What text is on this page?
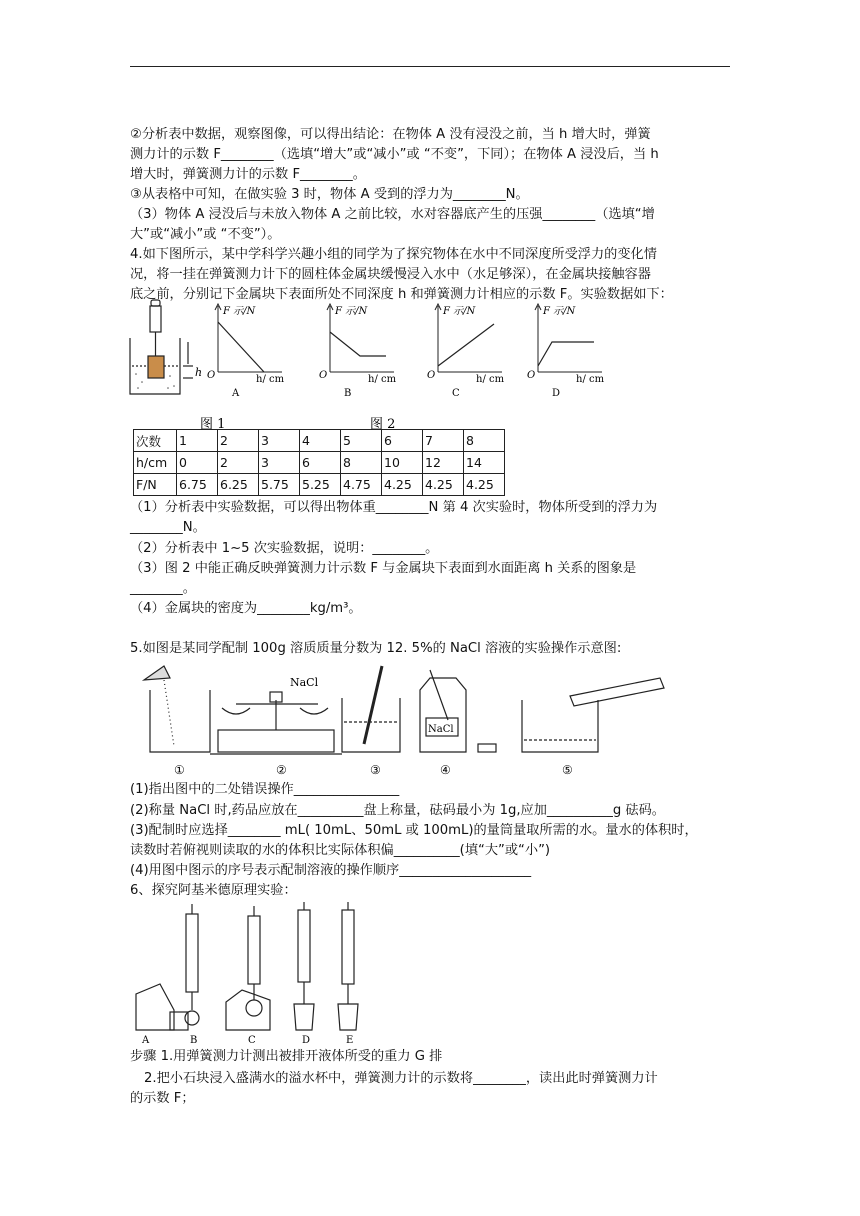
②分析表中数据，观察图像，可以得出结论：在物体 A 没有浸没之前，当 h 增大时，弹簧
测力计的示数 F________（选填“增大”或“减小”或 “不变”，下同）；在物体 A 浸没后，当 h
增大时，弹簧测力计的示数 F________。
③从表格中可知，在做实验 3 时，物体 A 受到的浮力为________N。
（3）物体 A 浸没后与未放入物体 A 之前比较，水对容器底产生的压强________（选填“增
大”或“减小”或 “不变”）。
4.如下图所示，某中学科学兴趣小组的同学为了探究物体在水中不同深度所受浮力的变化情
况，将一挂在弹簧测力计下的圆柱体金属块缓慢浸入水中（水足够深），在金属块接触容器
底之前，分别记下金属块下表面所处不同深度 h 和弹簧测力计相应的示数 F。实验数据如下：
h
图 1	图 2
F 示/N
h/ cm
O
A
F 示/N
h/ cm
O
B
F 示/N
h/ cm
O
C
F 示/N
h/ cm
O
D
次数	1	2	3	4	5	6	7	8
h/cm	0	2	3	6	8	10	12	14
F/N	6.75	6.25	5.75	5.25	4.75	4.25	4.25	4.25
（1）分析表中实验数据，可以得出物体重________N 第 4 次实验时，物体所受到的浮力为
________N。
（2）分析表中 1~5 次实验数据，说明：________。
（3）图 2 中能正确反映弹簧测力计示数 F 与金属块下表面到水面距离 h 关系的图象是
________。
（4）金属块的密度为________kg/m³。
5.如图是某同学配制 100g 溶质质量分数为 12. 5%的 NaCl 溶液的实验操作示意图:
NaCl
NaCl
①	②	③	④	⑤
(1)指出图中的二处错误操作________________
(2)称量 NaCl 时,药品应放在__________盘上称量，砝码最小为 1g,应加__________g 砝码。
(3)配制时应选择________ mL( 10mL、50mL 或 100mL)的量筒量取所需的水。量水的体积时，
读数时若俯视则读取的水的体积比实际体积偏__________(填“大”或“小”)
(4)用图中图示的序号表示配制溶液的操作顺序____________________
6、探究阿基米德原理实验：
A	B	C	D	E
步骤 1.用弹簧测力计测出被排开液体所受的重力 G 排
2.把小石块浸入盛满水的溢水杯中，弹簧测力计的示数将________，读出此时弹簧测力计
的示数 F；
